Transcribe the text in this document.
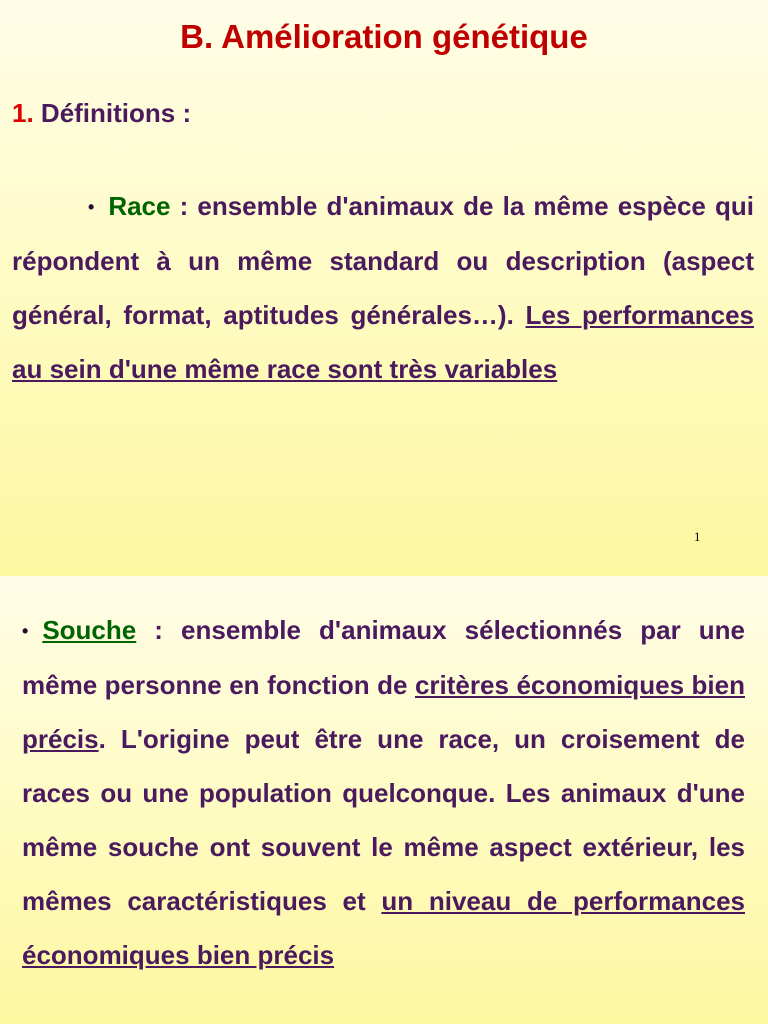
B. Amélioration génétique
1. Définitions :

• Race : ensemble d'animaux de la même espèce qui répondent à un même standard ou description (aspect général, format, aptitudes générales…). Les performances au sein d'une même race sont très variables

1

• Souche : ensemble d'animaux sélectionnés par une même personne en fonction de critères économiques bien précis. L'origine peut être une race, un croisement de races ou une population quelconque. Les animaux d'une même souche ont souvent le même aspect extérieur, les mêmes caractéristiques et un niveau de performances économiques bien précis
